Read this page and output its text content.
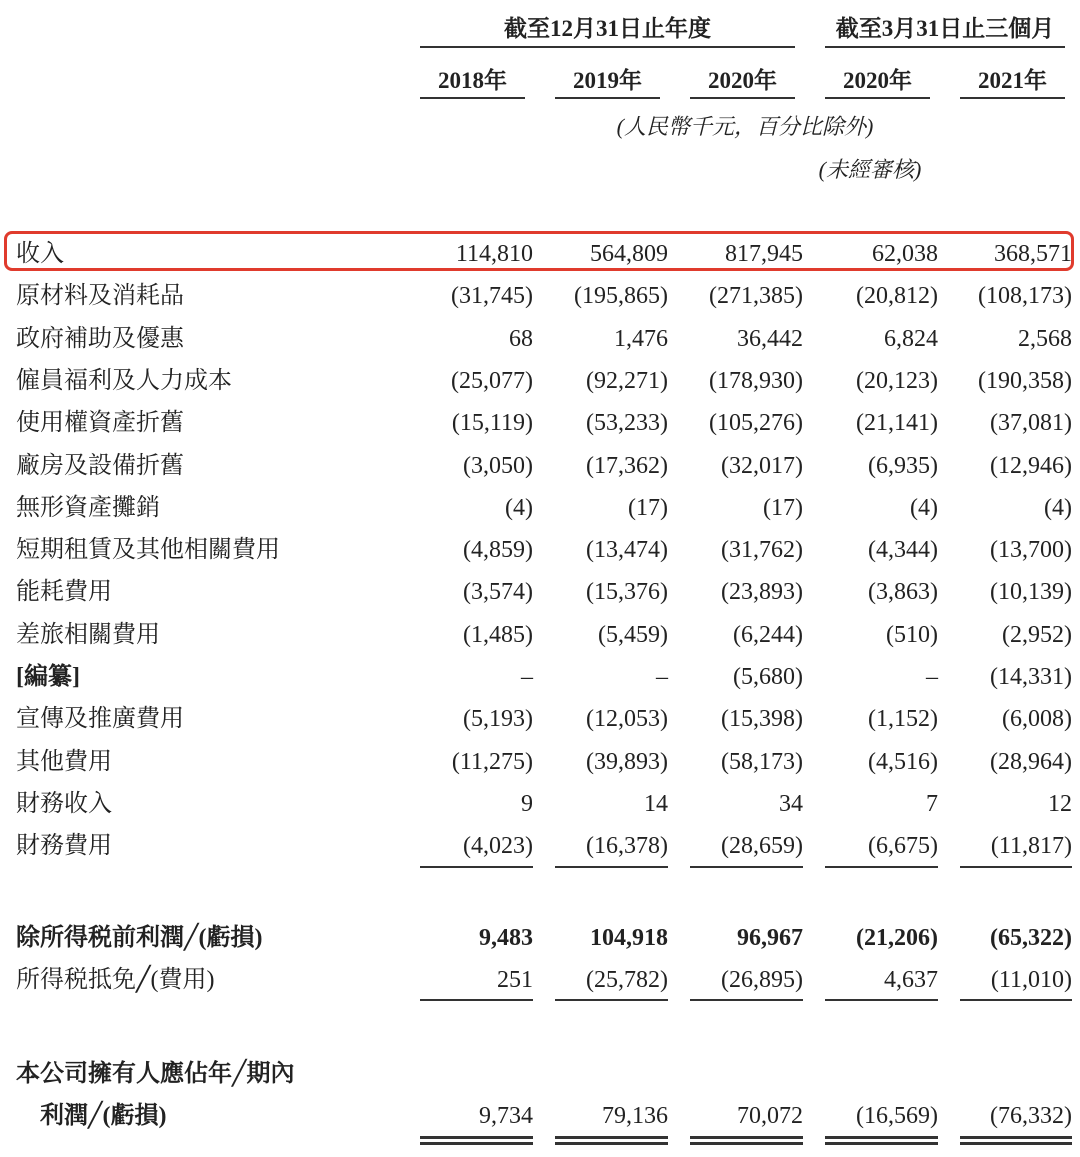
截至12月31日止年度	截至3月31日止三個月
2018年	2019年	2020年	2020年	2021年
(人民幣千元，百分比除外)
(未經審核)
收入	114,810 564,809 817,945	62,038 368,571
原材料及消耗品	(31,745) (195,865) (271,385) (20,812) (108,173)
政府補助及優惠	68	1,476	36,442	6,824	2,568
僱員福利及人力成本	(25,077) (92,271) (178,930) (20,123) (190,358)
使用權資產折舊	(15,119) (53,233) (105,276) (21,141) (37,081)
廠房及設備折舊	(3,050) (17,362) (32,017)	(6,935) (12,946)
無形資產攤銷	(4)	(17)	(17)	(4)	(4)
短期租賃及其他相關費用	(4,859) (13,474) (31,762)	(4,344) (13,700)
能耗費用	(3,574) (15,376) (23,893)	(3,863) (10,139)
差旅相關費用	(1,485)	(5,459)	(6,244)	(510)	(2,952)
[編纂]	–	–	(5,680)	– (14,331)
宣傳及推廣費用	(5,193) (12,053) (15,398)	(1,152)	(6,008)
其他費用	(11,275) (39,893) (58,173)	(4,516) (28,964)
財務收入	9	14	34	7	12
財務費用	(4,023) (16,378) (28,659)	(6,675) (11,817)
除所得税前利潤╱(虧損)	9,483 104,918	96,967 (21,206) (65,322)
所得税抵免╱(費用)	251 (25,782) (26,895)	4,637 (11,010)
本公司擁有人應佔年╱期內
利潤╱(虧損)	9,734	79,136	70,072 (16,569) (76,332)
